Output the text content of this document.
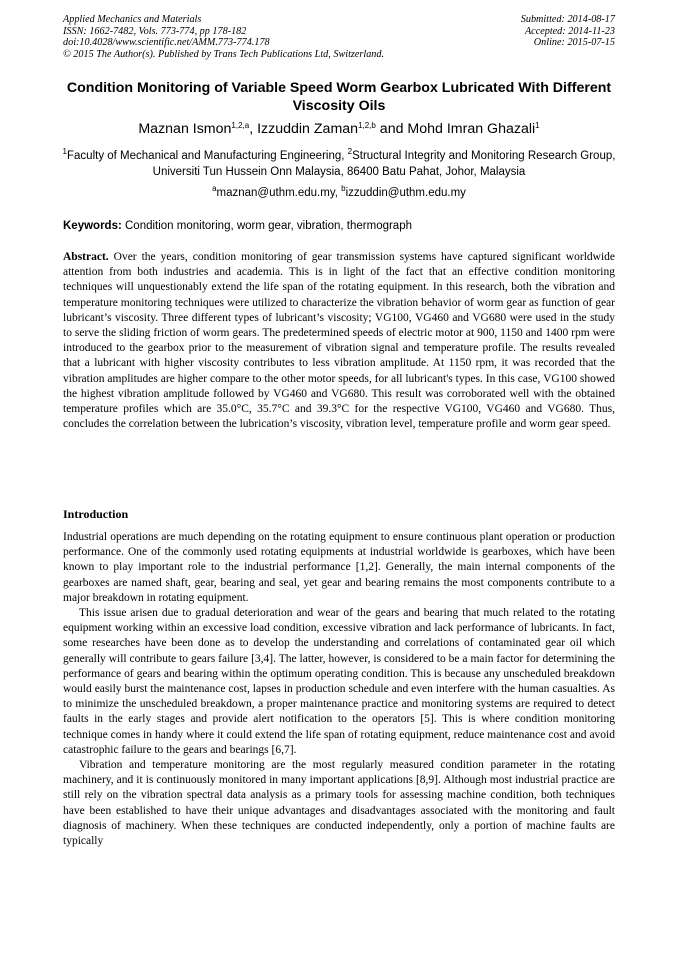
Applied Mechanics and Materials
ISSN: 1662-7482, Vols. 773-774, pp 178-182
doi:10.4028/www.scientific.net/AMM.773-774.178
© 2015 The Author(s). Published by Trans Tech Publications Ltd, Switzerland.
Submitted: 2014-08-17
Accepted: 2014-11-23
Online: 2015-07-15
Condition Monitoring of Variable Speed Worm Gearbox Lubricated With Different Viscosity Oils
Maznan Ismon$^{1,2,a}$, Izzuddin Zaman$^{1,2,b}$ and Mohd Imran Ghazali$^1$
$^1$Faculty of Mechanical and Manufacturing Engineering, $^2$Structural Integrity and Monitoring Research Group, Universiti Tun Hussein Onn Malaysia, 86400 Batu Pahat, Johor, Malaysia
$^a$maznan@uthm.edu.my, $^b$izzuddin@uthm.edu.my
Keywords: Condition monitoring, worm gear, vibration, thermograph
Abstract. Over the years, condition monitoring of gear transmission systems have captured significant worldwide attention from both industries and academia. This is in light of the fact that an effective condition monitoring techniques will unquestionably extend the life span of the rotating equipment. In this research, both the vibration and temperature monitoring techniques were utilized to characterize the vibration behavior of worm gear as function of gear lubricant’s viscosity. Three different types of lubricant’s viscosity; VG100, VG460 and VG680 were used in the study to serve the sliding friction of worm gears. The predetermined speeds of electric motor at 900, 1150 and 1400 rpm were introduced to the gearbox prior to the measurement of vibration signal and temperature profile. The results revealed that a lubricant with higher viscosity contributes to less vibration amplitude. At 1150 rpm, it was recorded that the vibration amplitudes are higher compare to the other motor speeds, for all lubricant's types. In this case, VG100 showed the highest vibration amplitude followed by VG460 and VG680. This result was corroborated well with the obtained temperature profiles which are 35.0°C, 35.7°C and 39.3°C for the respective VG100, VG460 and VG680. Thus, concludes the correlation between the lubrication’s viscosity, vibration level, temperature profile and worm gear speed.
Introduction

Industrial operations are much depending on the rotating equipment to ensure continuous plant operation or production performance. One of the commonly used rotating equipments at industrial worldwide is gearboxes, which have been known to play important role to the industrial performance [1,2]. Generally, the main internal components of the gearboxes are named shaft, gear, bearing and seal, yet gear and bearing remains the most components contribute to a major breakdown in rotating equipment.

This issue arisen due to gradual deterioration and wear of the gears and bearing that much related to the rotating equipment working within an excessive load condition, excessive vibration and lack performance of lubricants. In fact, some researches have been done as to develop the understanding and correlations of contaminated gear oil which generally will contribute to gears failure [3,4]. The latter, however, is considered to be a main factor for determining the performance of gears and bearing within the optimum operating condition. This is because any unscheduled breakdown would easily burst the maintenance cost, lapses in production schedule and even interfere with the human casualties. As to minimize the unscheduled breakdown, a proper maintenance practice and monitoring systems are required to detect faults in the early stages and provide alert notification to the operators [5]. This is where condition monitoring technique comes in handy where it could extend the life span of rotating equipment, reduce maintenance cost and avoid catastrophic failure to the gears and bearings [6,7].

Vibration and temperature monitoring are the most regularly measured condition parameter in the rotating machinery, and it is continuously monitored in many important applications [8,9]. Although most industrial practice are still rely on the vibration spectral data analysis as a primary tools for assessing machine condition, both techniques have been established to have their unique advantages and disadvantages associated with the monitoring and fault diagnosis of machinery. When these techniques are conducted independently, only a portion of machine faults are typically
